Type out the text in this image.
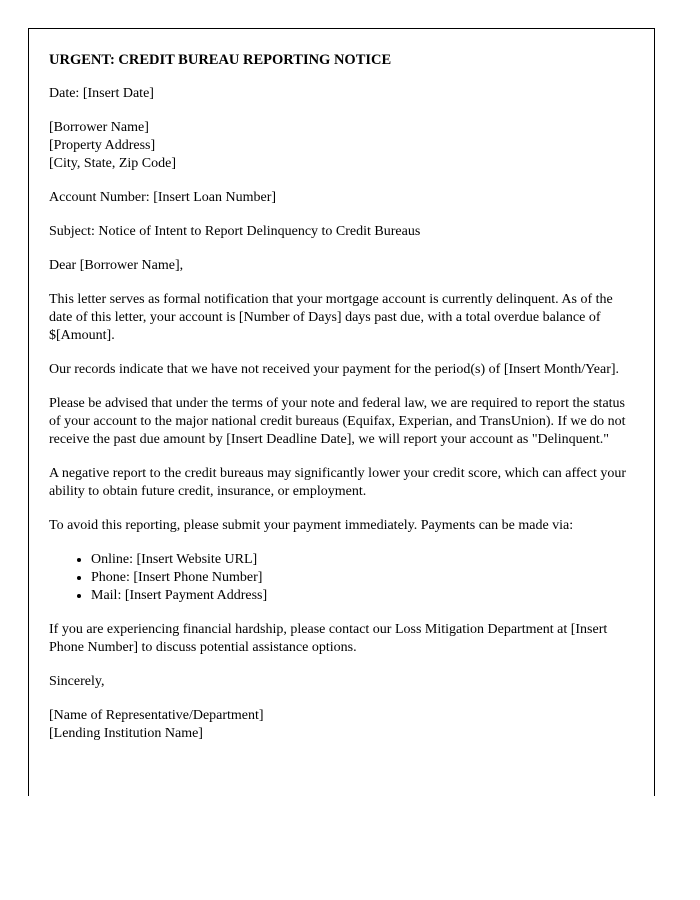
URGENT: CREDIT BUREAU REPORTING NOTICE
Date: [Insert Date]
[Borrower Name]
[Property Address]
[City, State, Zip Code]
Account Number: [Insert Loan Number]
Subject: Notice of Intent to Report Delinquency to Credit Bureaus
Dear [Borrower Name],
This letter serves as formal notification that your mortgage account is currently delinquent. As of the date of this letter, your account is [Number of Days] days past due, with a total overdue balance of $[Amount].
Our records indicate that we have not received your payment for the period(s) of [Insert Month/Year].
Please be advised that under the terms of your note and federal law, we are required to report the status of your account to the major national credit bureaus (Equifax, Experian, and TransUnion). If we do not receive the past due amount by [Insert Deadline Date], we will report your account as "Delinquent."
A negative report to the credit bureaus may significantly lower your credit score, which can affect your ability to obtain future credit, insurance, or employment.
To avoid this reporting, please submit your payment immediately. Payments can be made via:
• Online: [Insert Website URL]
• Phone: [Insert Phone Number]
• Mail: [Insert Payment Address]
If you are experiencing financial hardship, please contact our Loss Mitigation Department at [Insert Phone Number] to discuss potential assistance options.
Sincerely,
[Name of Representative/Department]
[Lending Institution Name]
